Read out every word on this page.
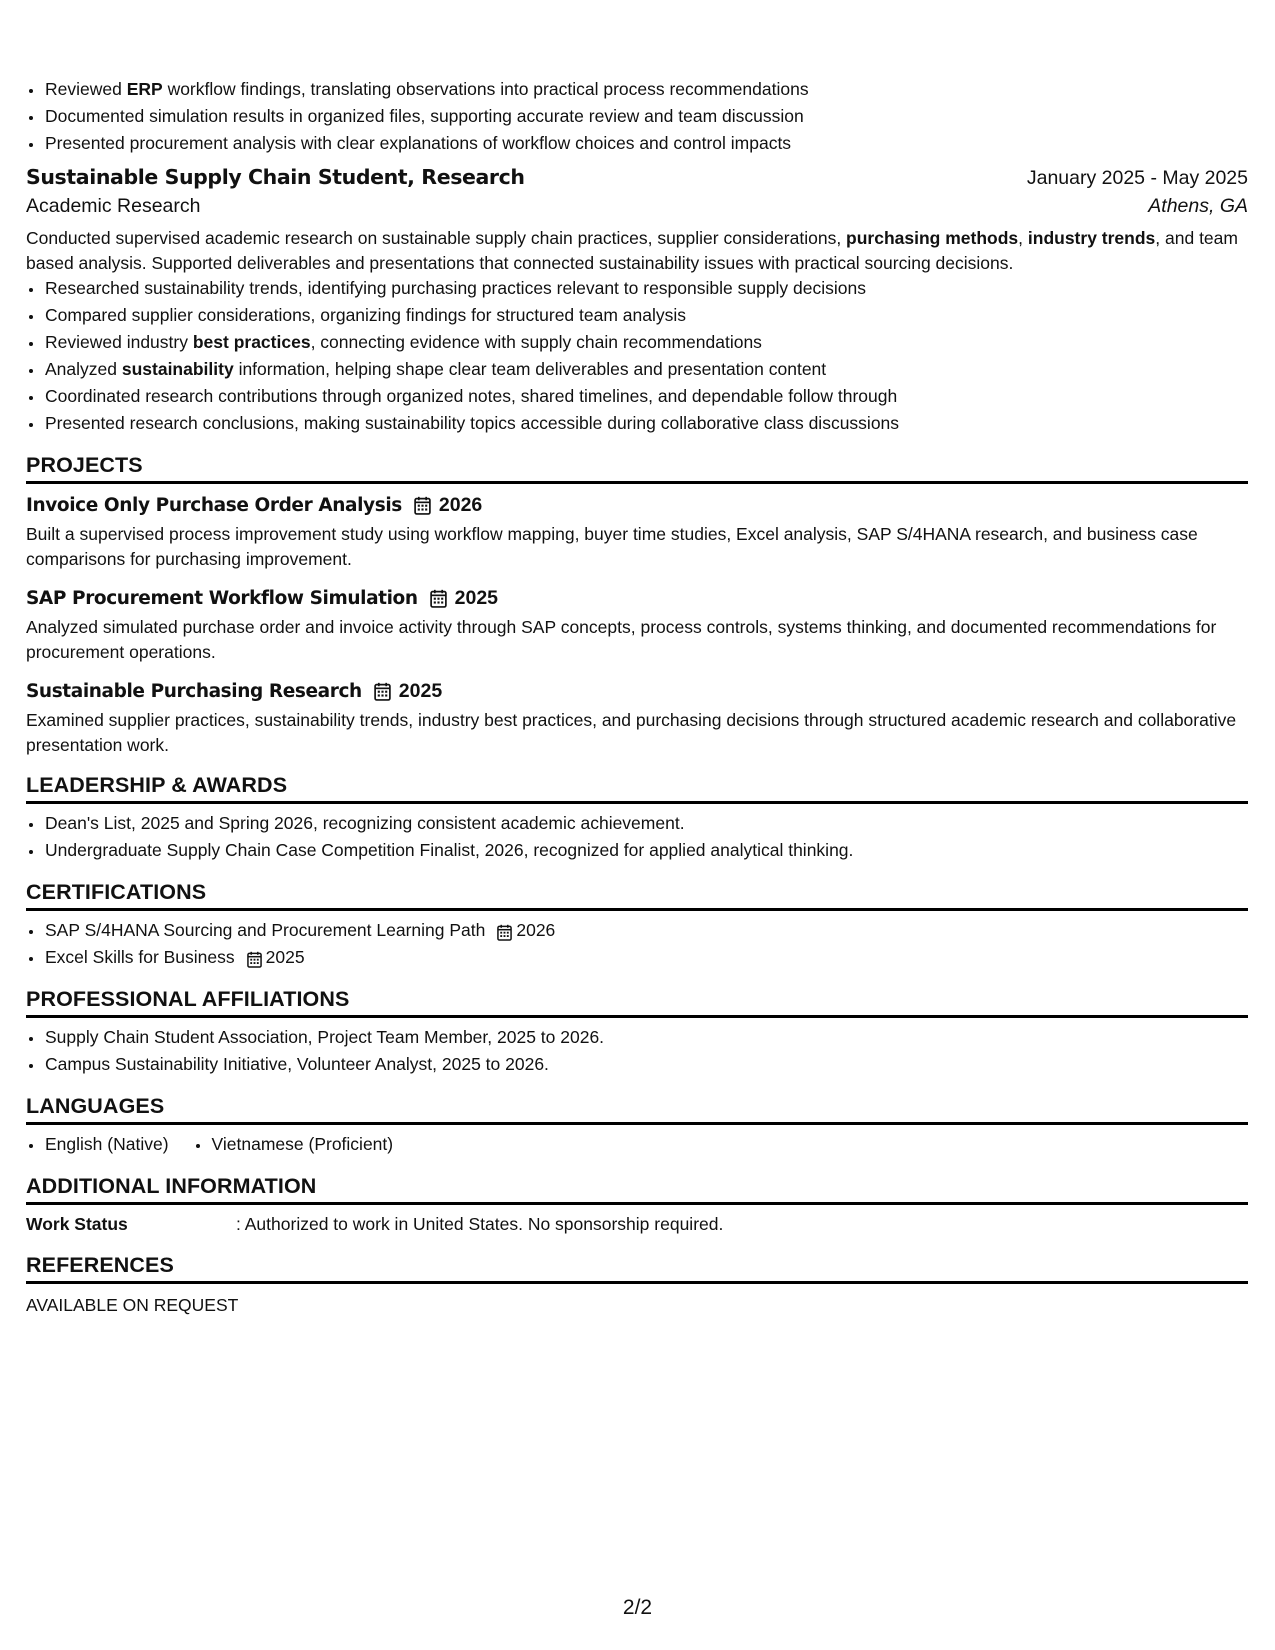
• Reviewed ERP workflow findings, translating observations into practical process recommendations
• Documented simulation results in organized files, supporting accurate review and team discussion
• Presented procurement analysis with clear explanations of workflow choices and control impacts
Sustainable Supply Chain Student, Research	January 2025 - May 2025
Academic Research	Athens, GA
Conducted supervised academic research on sustainable supply chain practices, supplier considerations, purchasing methods, industry trends, and team based analysis. Supported deliverables and presentations that connected sustainability issues with practical sourcing decisions.
• Researched sustainability trends, identifying purchasing practices relevant to responsible supply decisions
• Compared supplier considerations, organizing findings for structured team analysis
• Reviewed industry best practices, connecting evidence with supply chain recommendations
• Analyzed sustainability information, helping shape clear team deliverables and presentation content
• Coordinated research contributions through organized notes, shared timelines, and dependable follow through
• Presented research conclusions, making sustainability topics accessible during collaborative class discussions
PROJECTS
Invoice Only Purchase Order Analysis 2026
Built a supervised process improvement study using workflow mapping, buyer time studies, Excel analysis, SAP S/4HANA research, and business case comparisons for purchasing improvement.
SAP Procurement Workflow Simulation 2025
Analyzed simulated purchase order and invoice activity through SAP concepts, process controls, systems thinking, and documented recommendations for procurement operations.
Sustainable Purchasing Research 2025
Examined supplier practices, sustainability trends, industry best practices, and purchasing decisions through structured academic research and collaborative presentation work.
LEADERSHIP & AWARDS
• Dean's List, 2025 and Spring 2026, recognizing consistent academic achievement.
• Undergraduate Supply Chain Case Competition Finalist, 2026, recognized for applied analytical thinking.
CERTIFICATIONS
• SAP S/4HANA Sourcing and Procurement Learning Path 2026
• Excel Skills for Business 2025
PROFESSIONAL AFFILIATIONS
• Supply Chain Student Association, Project Team Member, 2025 to 2026.
• Campus Sustainability Initiative, Volunteer Analyst, 2025 to 2026.
LANGUAGES
• English (Native)
• Vietnamese (Proficient)
ADDITIONAL INFORMATION
Work Status	: Authorized to work in United States. No sponsorship required.
REFERENCES
AVAILABLE ON REQUEST
2/2
